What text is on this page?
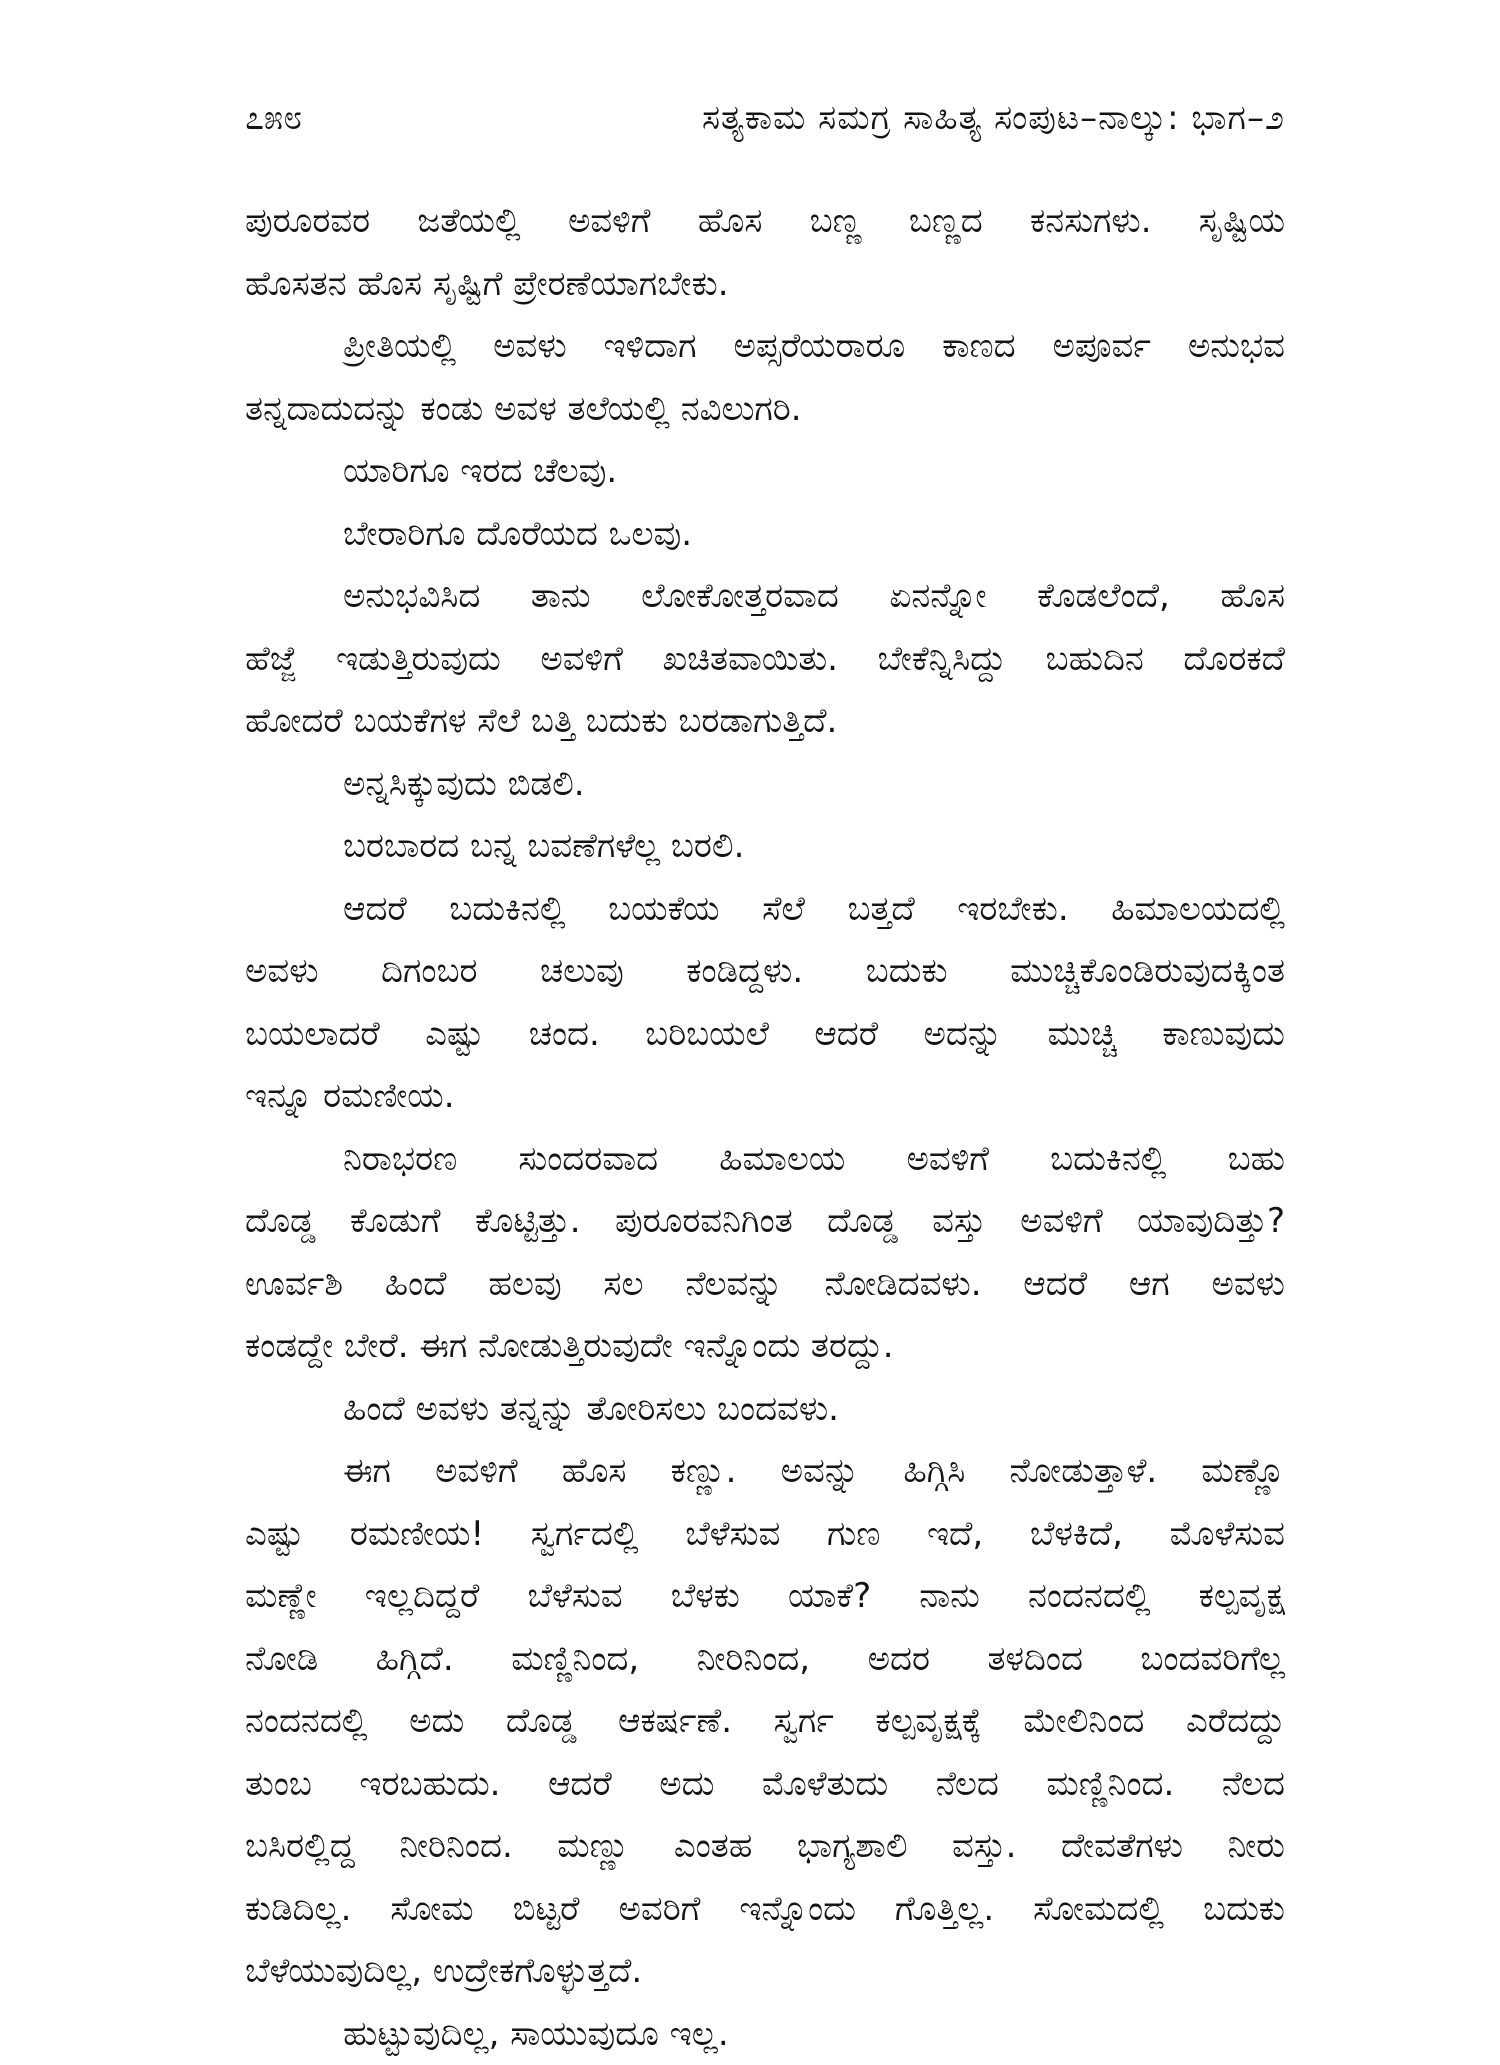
೭೫೮	ಸತ್ಯಕಾಮ ಸಮಗ್ರ ಸಾಹಿತ್ಯ ಸಂಪುಟ–ನಾಲ್ಕು: ಭಾಗ–೨
ಪುರೂರವರ ಜತೆಯಲ್ಲಿ ಅವಳಿಗೆ ಹೊಸ ಬಣ್ಣ ಬಣ್ಣದ ಕನಸುಗಳು. ಸೃಷ್ಟಿಯ
ಹೊಸತನ ಹೊಸ ಸೃಷ್ಟಿಗೆ ಪ್ರೇರಣೆಯಾಗಬೇಕು.
ಪ್ರೀತಿಯಲ್ಲಿ ಅವಳು ಇಳಿದಾಗ ಅಪ್ಸರೆಯರಾರೂ ಕಾಣದ ಅಪೂರ್ವ ಅನುಭವ
ತನ್ನದಾದುದನ್ನು ಕಂಡು ಅವಳ ತಲೆಯಲ್ಲಿ ನವಿಲುಗರಿ.
ಯಾರಿಗೂ ಇರದ ಚೆಲವು.
ಬೇರಾರಿಗೂ ದೊರೆಯದ ಒಲವು.
ಅನುಭವಿಸಿದ ತಾನು ಲೋಕೋತ್ತರವಾದ ಏನನ್ನೋ ಕೊಡಲೆಂದೆ, ಹೊಸ
ಹೆಜ್ಜೆ ಇಡುತ್ತಿರುವುದು ಅವಳಿಗೆ ಖಚಿತವಾಯಿತು. ಬೇಕೆನ್ನಿಸಿದ್ದು ಬಹುದಿನ ದೊರಕದೆ
ಹೋದರೆ ಬಯಕೆಗಳ ಸೆಲೆ ಬತ್ತಿ ಬದುಕು ಬರಡಾಗುತ್ತಿದೆ.
ಅನ್ನಸಿಕ್ಕುವುದು ಬಿಡಲಿ.
ಬರಬಾರದ ಬನ್ನ ಬವಣೆಗಳೆಲ್ಲ ಬರಲಿ.
ಆದರೆ ಬದುಕಿನಲ್ಲಿ ಬಯಕೆಯ ಸೆಲೆ ಬತ್ತದೆ ಇರಬೇಕು. ಹಿಮಾಲಯದಲ್ಲಿ
ಅವಳು ದಿಗಂಬರ ಚಲುವು ಕಂಡಿದ್ದಳು. ಬದುಕು ಮುಚ್ಚಿಕೊಂಡಿರುವುದಕ್ಕಿಂತ
ಬಯಲಾದರೆ ಎಷ್ಟು ಚಂದ. ಬರಿಬಯಲೆ ಆದರೆ ಅದನ್ನು ಮುಚ್ಚಿ ಕಾಣುವುದು
ಇನ್ನೂ ರಮಣೀಯ.
ನಿರಾಭರಣ ಸುಂದರವಾದ ಹಿಮಾಲಯ ಅವಳಿಗೆ ಬದುಕಿನಲ್ಲಿ ಬಹು
ದೊಡ್ಡ ಕೊಡುಗೆ ಕೊಟ್ಟಿತ್ತು. ಪುರೂರವನಿಗಿಂತ ದೊಡ್ಡ ವಸ್ತು ಅವಳಿಗೆ ಯಾವುದಿತ್ತು?
ಊರ್ವಶಿ ಹಿಂದೆ ಹಲವು ಸಲ ನೆಲವನ್ನು ನೋಡಿದವಳು. ಆದರೆ ಆಗ ಅವಳು
ಕಂಡದ್ದೇ ಬೇರೆ. ಈಗ ನೋಡುತ್ತಿರುವುದೇ ಇನ್ನೊಂದು ತರದ್ದು.
ಹಿಂದೆ ಅವಳು ತನ್ನನ್ನು ತೋರಿಸಲು ಬಂದವಳು.
ಈಗ ಅವಳಿಗೆ ಹೊಸ ಕಣ್ಣು. ಅವನ್ನು ಹಿಗ್ಗಿಸಿ ನೋಡುತ್ತಾಳೆ. ಮಣ್ಣೊ
ಎಷ್ಟು ರಮಣೀಯ! ಸ್ವರ್ಗದಲ್ಲಿ ಬೆಳೆಸುವ ಗುಣ ಇದೆ, ಬೆಳಕಿದೆ, ಮೊಳೆಸುವ
ಮಣ್ಣೇ ಇಲ್ಲದಿದ್ದರೆ ಬೆಳೆಸುವ ಬೆಳಕು ಯಾಕೆ? ನಾನು ನಂದನದಲ್ಲಿ ಕಲ್ಪವೃಕ್ಷ
ನೋಡಿ ಹಿಗ್ಗಿದೆ. ಮಣ್ಣಿನಿಂದ, ನೀರಿನಿಂದ, ಅದರ ತಳದಿಂದ ಬಂದವರಿಗೆಲ್ಲ
ನಂದನದಲ್ಲಿ ಅದು ದೊಡ್ಡ ಆಕರ್ಷಣೆ. ಸ್ವರ್ಗ ಕಲ್ಪವೃಕ್ಷಕ್ಕೆ ಮೇಲಿನಿಂದ ಎರೆದದ್ದು
ತುಂಬ ಇರಬಹುದು. ಆದರೆ ಅದು ಮೊಳೆತುದು ನೆಲದ ಮಣ್ಣಿನಿಂದ. ನೆಲದ
ಬಸಿರಲ್ಲಿದ್ದ ನೀರಿನಿಂದ. ಮಣ್ಣು ಎಂತಹ ಭಾಗ್ಯಶಾಲಿ ವಸ್ತು. ದೇವತೆಗಳು ನೀರು
ಕುಡಿದಿಲ್ಲ. ಸೋಮ ಬಿಟ್ಟರೆ ಅವರಿಗೆ ಇನ್ನೊಂದು ಗೊತ್ತಿಲ್ಲ. ಸೋಮದಲ್ಲಿ ಬದುಕು
ಬೆಳೆಯುವುದಿಲ್ಲ, ಉದ್ರೇಕಗೊಳ್ಳುತ್ತದೆ.
ಹುಟ್ಟುವುದಿಲ್ಲ, ಸಾಯುವುದೂ ಇಲ್ಲ.
